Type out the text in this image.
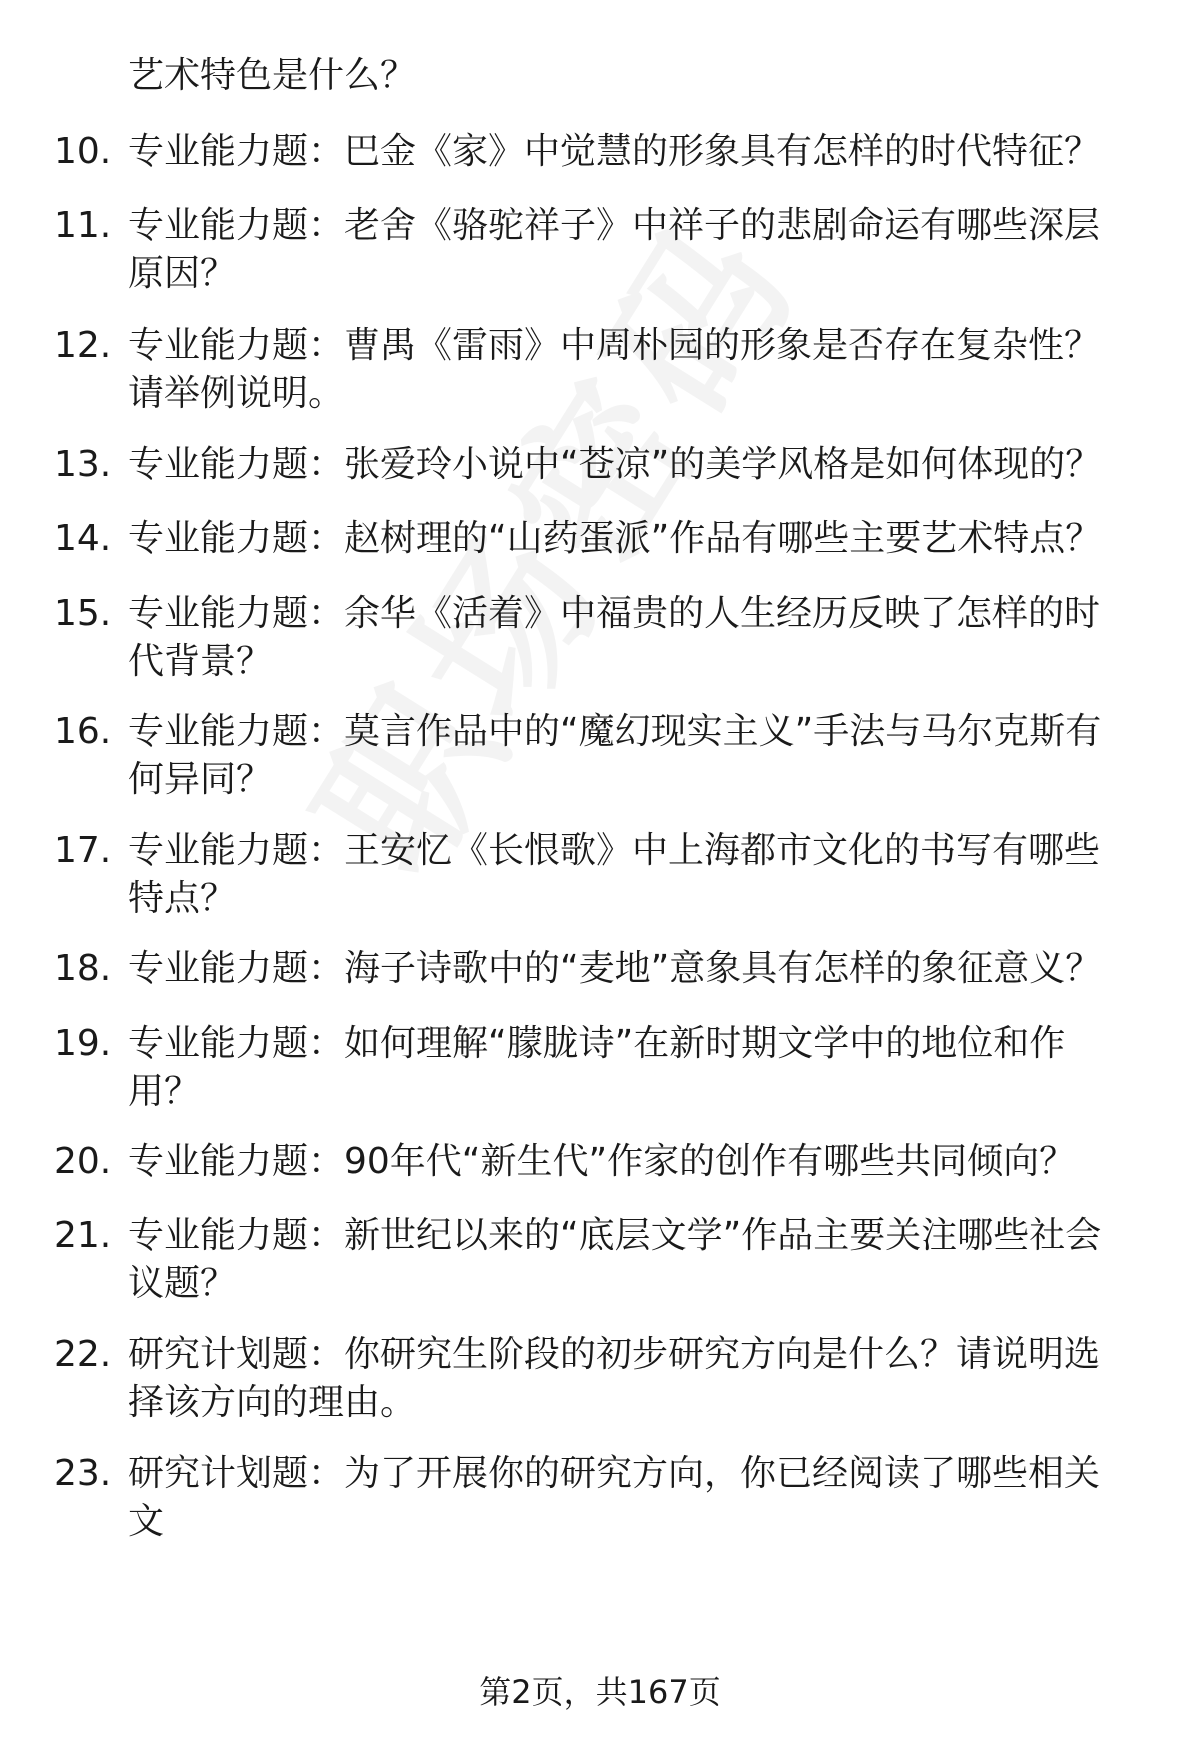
艺术特色是什么？
10. 专业能力题：巴金《家》中觉慧的形象具有怎样的时代特征？
11. 专业能力题：老舍《骆驼祥子》中祥子的悲剧命运有哪些深层原因？
12. 专业能力题：曹禺《雷雨》中周朴园的形象是否存在复杂性？请举例说明。
13. 专业能力题：张爱玲小说中“苍凉”的美学风格是如何体现的？
14. 专业能力题：赵树理的“山药蛋派”作品有哪些主要艺术特点？
15. 专业能力题：余华《活着》中福贵的人生经历反映了怎样的时代背景？
16. 专业能力题：莫言作品中的“魔幻现实主义”手法与马尔克斯有何异同？
17. 专业能力题：王安忆《长恨歌》中上海都市文化的书写有哪些特点？
18. 专业能力题：海子诗歌中的“麦地”意象具有怎样的象征意义？
19. 专业能力题：如何理解“朦胧诗”在新时期文学中的地位和作用？
20. 专业能力题：90年代“新生代”作家的创作有哪些共同倾向？
21. 专业能力题：新世纪以来的“底层文学”作品主要关注哪些社会议题？
22. 研究计划题：你研究生阶段的初步研究方向是什么？请说明选择该方向的理由。
23. 研究计划题：为了开展你的研究方向，你已经阅读了哪些相关文
第2页，共167页
